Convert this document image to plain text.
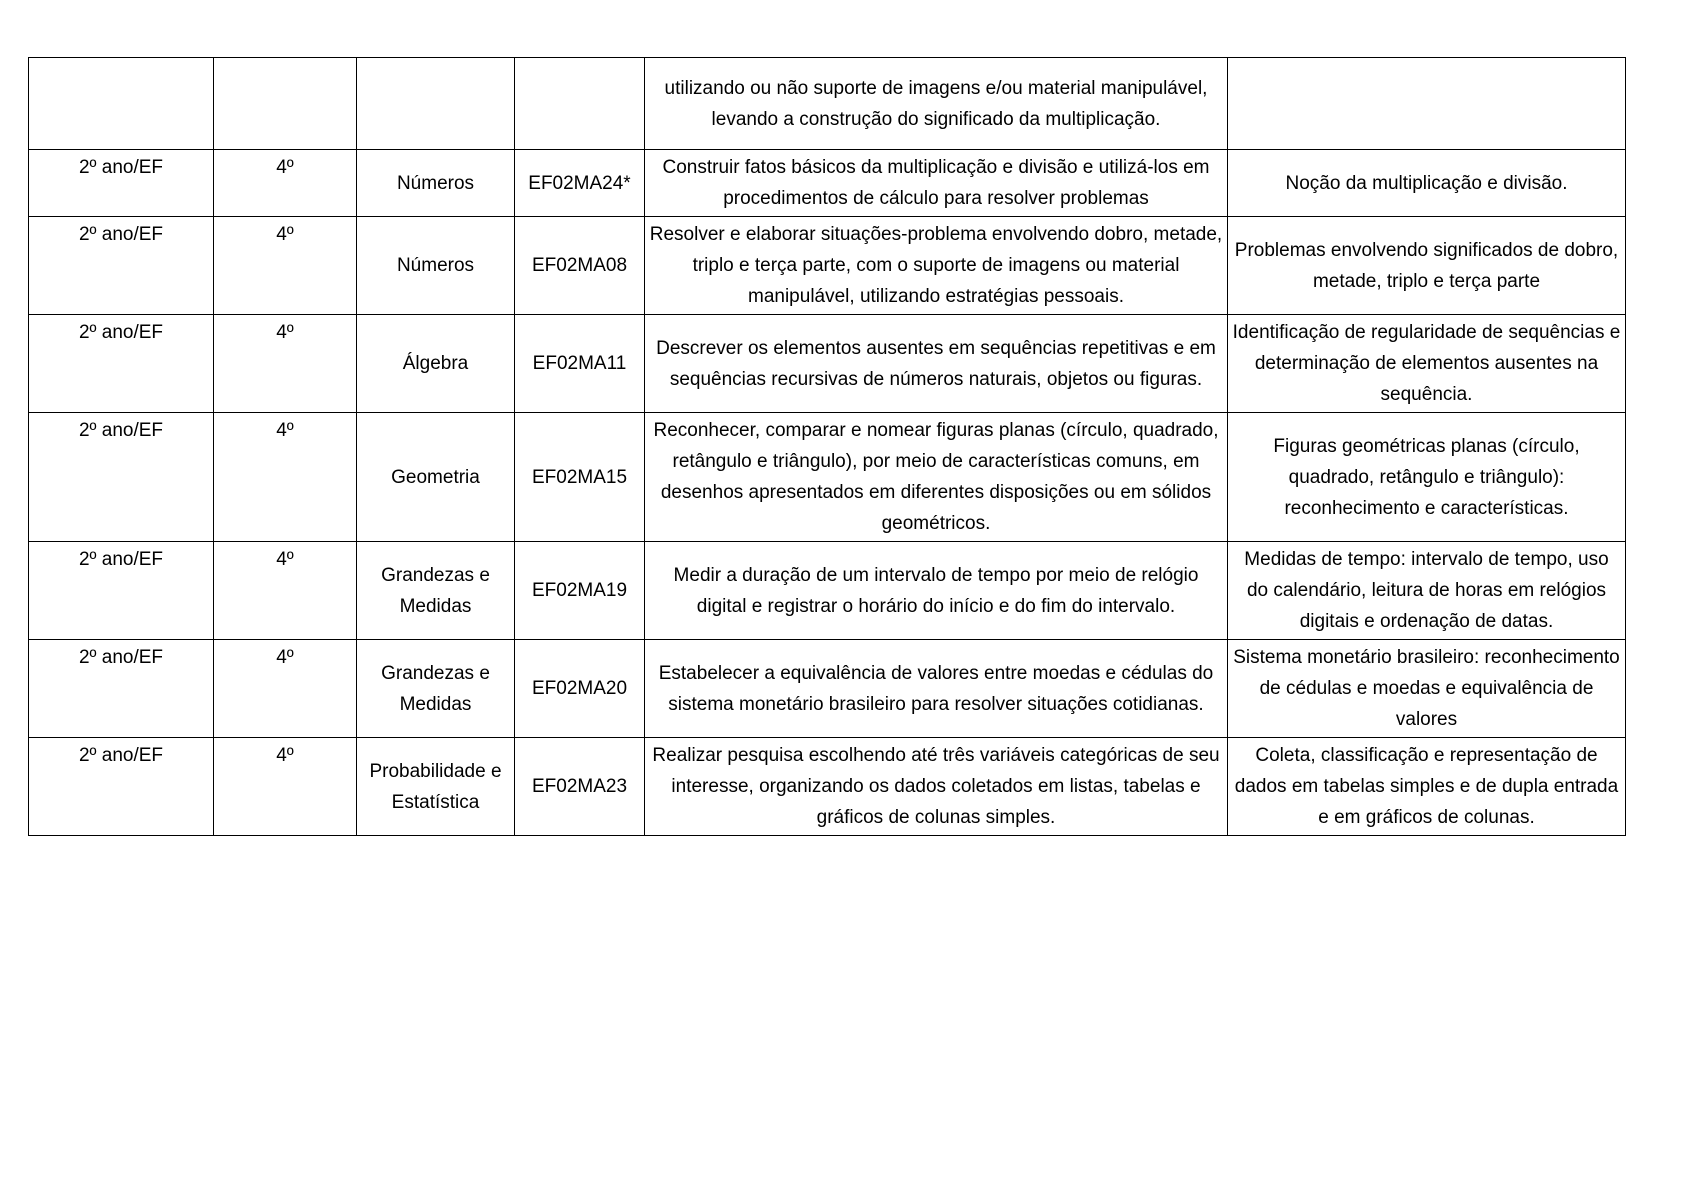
				utilizando ou não suporte de imagens e/ou material manipulável, levando a construção do significado da multiplicação.	
2º ano/EF	4º	Números	EF02MA24*	Construir fatos básicos da multiplicação e divisão e utilizá-los em procedimentos de cálculo para resolver problemas	Noção da multiplicação e divisão.
2º ano/EF	4º	Números	EF02MA08	Resolver e elaborar situações-problema envolvendo dobro, metade, triplo e terça parte, com o suporte de imagens ou material manipulável, utilizando estratégias pessoais.	Problemas envolvendo significados de dobro, metade, triplo e terça parte
2º ano/EF	4º	Álgebra	EF02MA11	Descrever os elementos ausentes em sequências repetitivas e em sequências recursivas de números naturais, objetos ou figuras.	Identificação de regularidade de sequências e determinação de elementos ausentes na sequência.
2º ano/EF	4º	Geometria	EF02MA15	Reconhecer, comparar e nomear figuras planas (círculo, quadrado, retângulo e triângulo), por meio de características comuns, em desenhos apresentados em diferentes disposições ou em sólidos geométricos.	Figuras geométricas planas (círculo, quadrado, retângulo e triângulo): reconhecimento e características.
2º ano/EF	4º	Grandezas e Medidas	EF02MA19	Medir a duração de um intervalo de tempo por meio de relógio digital e registrar o horário do início e do fim do intervalo.	Medidas de tempo: intervalo de tempo, uso do calendário, leitura de horas em relógios digitais e ordenação de datas.
2º ano/EF	4º	Grandezas e Medidas	EF02MA20	Estabelecer a equivalência de valores entre moedas e cédulas do sistema monetário brasileiro para resolver situações cotidianas.	Sistema monetário brasileiro: reconhecimento de cédulas e moedas e equivalência de valores
2º ano/EF	4º	Probabilidade e Estatística	EF02MA23	Realizar pesquisa escolhendo até três variáveis categóricas de seu interesse, organizando os dados coletados em listas, tabelas e gráficos de colunas simples.	Coleta, classificação e representação de dados em tabelas simples e de dupla entrada e em gráficos de colunas.
